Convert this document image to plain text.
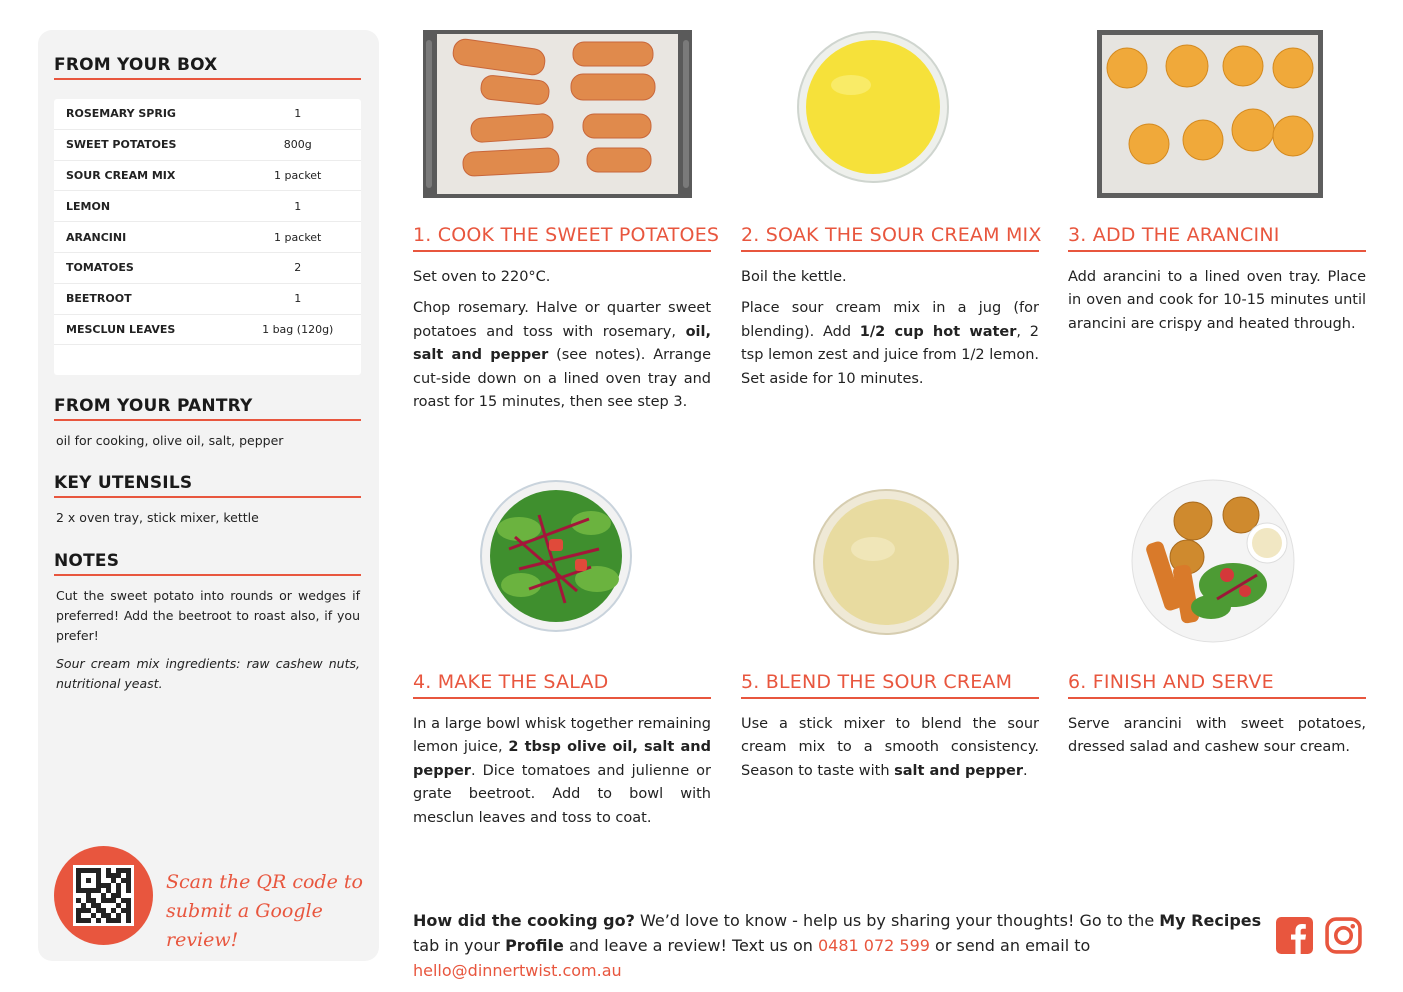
FROM YOUR BOX
ROSEMARY SPRIG	1
SWEET POTATOES	800g
SOUR CREAM MIX	1 packet
LEMON	1
ARANCINI	1 packet
TOMATOES	2
BEETROOT	1
MESCLUN LEAVES	1 bag (120g)
FROM YOUR PANTRY
oil for cooking, olive oil, salt, pepper
KEY UTENSILS
2 x oven tray, stick mixer, kettle
NOTES
Cut the sweet potato into rounds or wedges if preferred! Add the beetroot to roast also, if you prefer!
Sour cream mix ingredients: raw cashew nuts, nutritional yeast.
Scan the QR code to
submit a Google review!
1. COOK THE SWEET POTATOES

Set oven to 220°C.

Chop rosemary. Halve or quarter sweet potatoes and toss with rosemary, oil, salt and pepper (see notes). Arrange cut-side down on a lined oven tray and roast for 15 minutes, then see step 3.

2. SOAK THE SOUR CREAM MIX

Boil the kettle.

Place sour cream mix in a jug (for blending). Add 1/2 cup hot water, 2 tsp lemon zest and juice from 1/2 lemon. Set aside for 10 minutes.

3. ADD THE ARANCINI

Add arancini to a lined oven tray. Place in oven and cook for 10-15 minutes until arancini are crispy and heated through.

4. MAKE THE SALAD

In a large bowl whisk together remaining lemon juice, 2 tbsp olive oil, salt and pepper. Dice tomatoes and julienne or grate beetroot. Add to bowl with mesclun leaves and toss to coat.

5. BLEND THE SOUR CREAM

Use a stick mixer to blend the sour cream mix to a smooth consistency. Season to taste with salt and pepper.

6. FINISH AND SERVE

Serve arancini with sweet potatoes, dressed salad and cashew sour cream.

How did the cooking go? We’d love to know - help us by sharing your thoughts! Go to the My Recipes tab in your Profile and leave a review! Text us on 0481 072 599 or send an email to hello@dinnertwist.com.au
